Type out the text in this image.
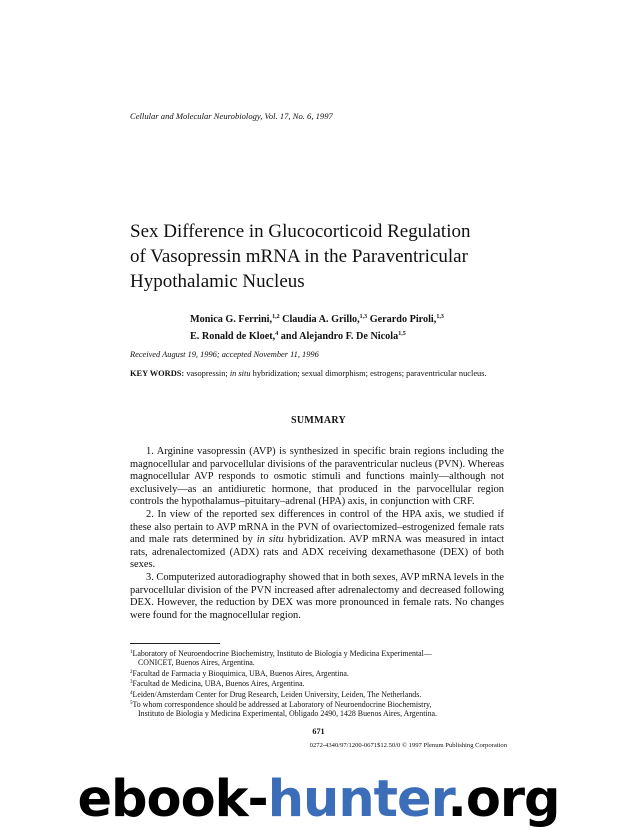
Cellular and Molecular Neurobiology, Vol. 17, No. 6, 1997
Sex Difference in Glucocorticoid Regulation
of Vasopressin mRNA in the Paraventricular
Hypothalamic Nucleus
Monica G. Ferrini,$^{1,2}$ Claudia A. Grillo,$^{1,3}$ Gerardo Piroli,$^{1,3}$
E. Ronald de Kloet,$^4$ and Alejandro F. De Nicola$^{1,5}$
Received August 19, 1996; accepted November 11, 1996
KEY WORDS: vasopressin; in situ hybridization; sexual dimorphism; estrogens; paraventricular nucleus.
SUMMARY

1. Arginine vasopressin (AVP) is synthesized in specific brain regions including the magnocellular and parvocellular divisions of the paraventricular nucleus (PVN). Whereas magnocellular AVP responds to osmotic stimuli and functions mainly—although not exclusively—as an antidiuretic hormone, that produced in the parvocellular region controls the hypothalamus–pituitary–adrenal (HPA) axis, in conjunction with CRF.

2. In view of the reported sex differences in control of the HPA axis, we studied if these also pertain to AVP mRNA in the PVN of ovariectomized–estrogenized female rats and male rats determined by in situ hybridization. AVP mRNA was measured in intact rats, adrenalectomized (ADX) rats and ADX receiving dexamethasone (DEX) of both sexes.

3. Computerized autoradiography showed that in both sexes, AVP mRNA levels in the parvocellular division of the PVN increased after adrenalectomy and decreased following DEX. However, the reduction by DEX was more pronounced in female rats. No changes were found for the magnocellular region.

$^1$Laboratory of Neuroendocrine Biochemistry, Instituto de Biologia y Medicina Experimental—
CONICET, Buenos Aires, Argentina.
$^2$Facultad de Farmacia y Bioquimica, UBA, Buenos Aires, Argentina.
$^3$Facultad de Medicina, UBA, Buenos Aires, Argentina.
$^4$Leiden/Amsterdam Center for Drug Research, Leiden University, Leiden, The Netherlands.
$^5$To whom correspondence should be addressed at Laboratory of Neuroendocrine Biochemistry,
Instituto de Biologia y Medicina Experimental, Obligado 2490, 1428 Buenos Aires, Argentina.
671
0272-4340/97/1200-0671$12.50/0 © 1997 Plenum Publishing Corporation
ebook-hunter.org
